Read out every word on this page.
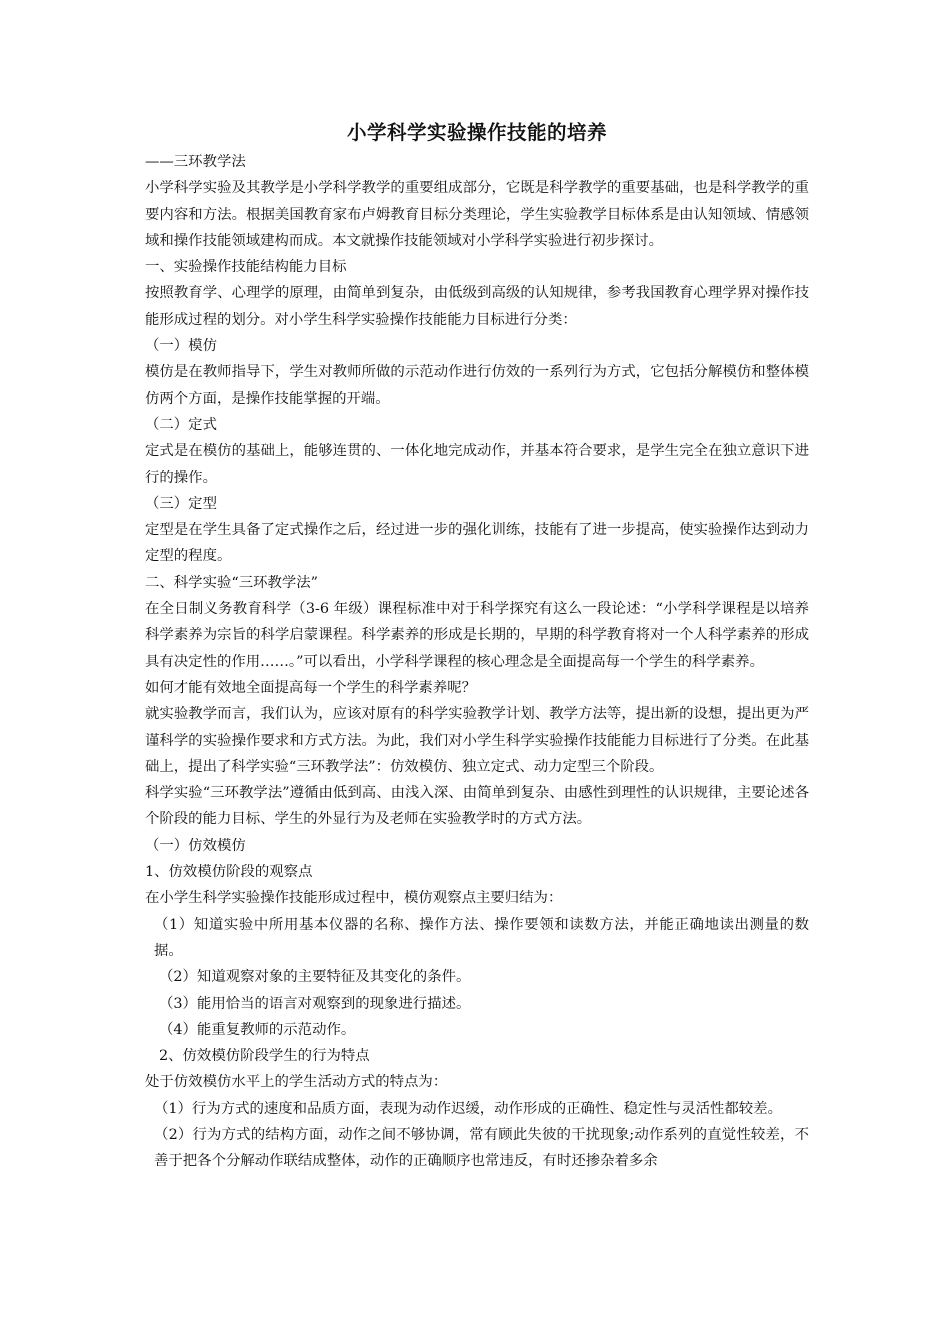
小学科学实验操作技能的培养

——三环教学法

小学科学实验及其教学是小学科学教学的重要组成部分，它既是科学教学的重要基础，也是科学教学的重要内容和方法。根据美国教育家布卢姆教育目标分类理论，学生实验教学目标体系是由认知领域、情感领域和操作技能领域建构而成。本文就操作技能领域对小学科学实验进行初步探讨。

一、实验操作技能结构能力目标

按照教育学、心理学的原理，由简单到复杂，由低级到高级的认知规律，参考我国教育心理学界对操作技能形成过程的划分。对小学生科学实验操作技能能力目标进行分类：

（一）模仿

模仿是在教师指导下，学生对教师所做的示范动作进行仿效的一系列行为方式，它包括分解模仿和整体模仿两个方面，是操作技能掌握的开端。

（二）定式

定式是在模仿的基础上，能够连贯的、一体化地完成动作，并基本符合要求，是学生完全在独立意识下进行的操作。

（三）定型

定型是在学生具备了定式操作之后，经过进一步的强化训练，技能有了进一步提高，使实验操作达到动力定型的程度。

二、科学实验“三环教学法”

在全日制义务教育科学（3-6 年级）课程标准中对于科学探究有这么一段论述：“小学科学课程是以培养科学素养为宗旨的科学启蒙课程。科学素养的形成是长期的，早期的科学教育将对一个人科学素养的形成具有决定性的作用……。”可以看出，小学科学课程的核心理念是全面提高每一个学生的科学素养。

如何才能有效地全面提高每一个学生的科学素养呢？

就实验教学而言，我们认为，应该对原有的科学实验教学计划、教学方法等，提出新的设想，提出更为严谨科学的实验操作要求和方式方法。为此，我们对小学生科学实验操作技能能力目标进行了分类。在此基础上，提出了科学实验“三环教学法”：仿效模仿、独立定式、动力定型三个阶段。

科学实验“三环教学法”遵循由低到高、由浅入深、由简单到复杂、由感性到理性的认识规律，主要论述各个阶段的能力目标、学生的外显行为及老师在实验教学时的方式方法。

（一）仿效模仿

1、仿效模仿阶段的观察点

在小学生科学实验操作技能形成过程中，模仿观察点主要归结为：

（1）知道实验中所用基本仪器的名称、操作方法、操作要领和读数方法，并能正确地读出测量的数据。

（2）知道观察对象的主要特征及其变化的条件。

（3）能用恰当的语言对观察到的现象进行描述。

（4）能重复教师的示范动作。

2、仿效模仿阶段学生的行为特点

处于仿效模仿水平上的学生活动方式的特点为：

（1）行为方式的速度和品质方面，表现为动作迟缓，动作形成的正确性、稳定性与灵活性都较差。

（2）行为方式的结构方面，动作之间不够协调，常有顾此失彼的干扰现象;动作系列的直觉性较差，不善于把各个分解动作联结成整体，动作的正确顺序也常违反，有时还掺杂着多余
